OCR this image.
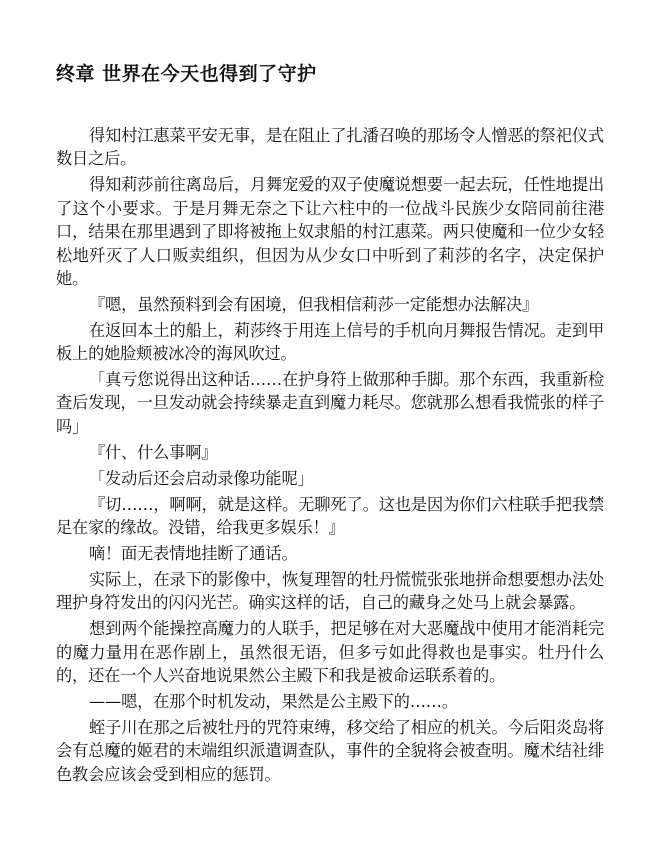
终章 世界在今天也得到了守护

得知村江惠菜平安无事，是在阻止了扎潘召唤的那场令人憎恶的祭祀仪式数日之后。

得知莉莎前往离岛后，月舞宠爱的双子使魔说想要一起去玩，任性地提出了这个小要求。于是月舞无奈之下让六柱中的一位战斗民族少女陪同前往港口，结果在那里遇到了即将被拖上奴隶船的村江惠菜。两只使魔和一位少女轻松地歼灭了人口贩卖组织，但因为从少女口中听到了莉莎的名字，决定保护她。

『嗯，虽然预料到会有困境，但我相信莉莎一定能想办法解决』

在返回本土的船上，莉莎终于用连上信号的手机向月舞报告情况。走到甲板上的她脸颊被冰冷的海风吹过。

「真亏您说得出这种话……在护身符上做那种手脚。那个东西，我重新检查后发现，一旦发动就会持续暴走直到魔力耗尽。您就那么想看我慌张的样子吗」

『什、什么事啊』

「发动后还会启动录像功能呢」

『切……，啊啊，就是这样。无聊死了。这也是因为你们六柱联手把我禁足在家的缘故。没错，给我更多娱乐！』

嘀！面无表情地挂断了通话。

实际上，在录下的影像中，恢复理智的牡丹慌慌张张地拼命想要想办法处理护身符发出的闪闪光芒。确实这样的话，自己的藏身之处马上就会暴露。

想到两个能操控高魔力的人联手，把足够在对大恶魔战中使用才能消耗完的魔力量用在恶作剧上，虽然很无语，但多亏如此得救也是事实。牡丹什么的，还在一个人兴奋地说果然公主殿下和我是被命运联系着的。

——嗯，在那个时机发动，果然是公主殿下的……。

蛭子川在那之后被牡丹的咒符束缚，移交给了相应的机关。今后阳炎岛将会有总魔的姬君的末端组织派遣调查队，事件的全貌将会被查明。魔术结社绯色教会应该会受到相应的惩罚。
